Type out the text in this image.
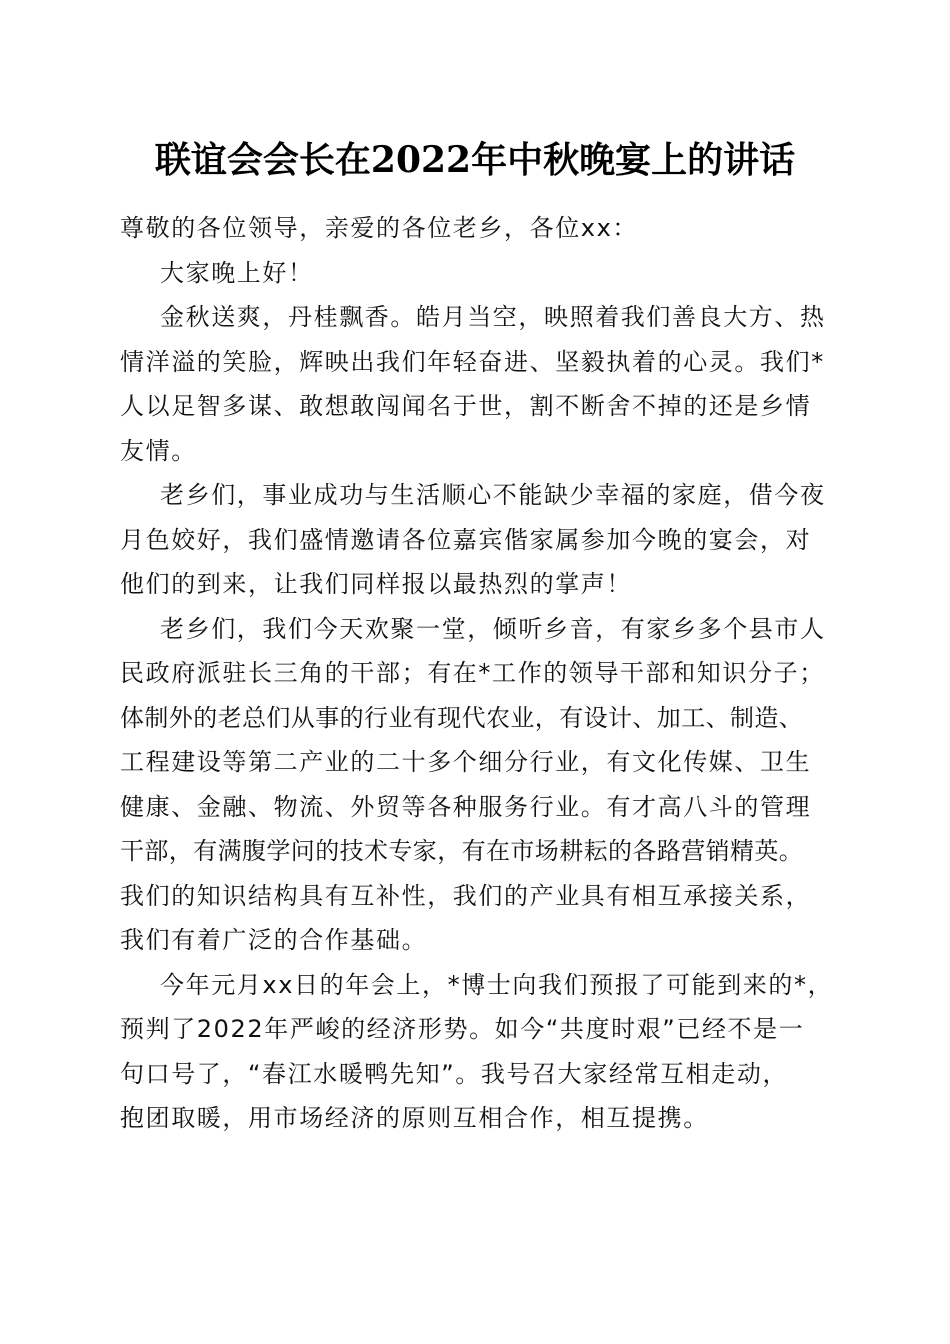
联谊会会长在2022年中秋晚宴上的讲话
尊敬的各位领导，亲爱的各位老乡，各位xx：
大家晚上好！
金秋送爽，丹桂飘香。皓月当空，映照着我们善良大方、热
情洋溢的笑脸，辉映出我们年轻奋进、坚毅执着的心灵。我们*
人以足智多谋、敢想敢闯闻名于世，割不断舍不掉的还是乡情
友情。
老乡们，事业成功与生活顺心不能缺少幸福的家庭，借今夜
月色姣好，我们盛情邀请各位嘉宾偕家属参加今晚的宴会，对
他们的到来，让我们同样报以最热烈的掌声！
老乡们，我们今天欢聚一堂，倾听乡音，有家乡多个县市人
民政府派驻长三角的干部；有在*工作的领导干部和知识分子；
体制外的老总们从事的行业有现代农业，有设计、加工、制造、
工程建设等第二产业的二十多个细分行业，有文化传媒、卫生
健康、金融、物流、外贸等各种服务行业。有才高八斗的管理
干部，有满腹学问的技术专家，有在市场耕耘的各路营销精英。
我们的知识结构具有互补性，我们的产业具有相互承接关系，
我们有着广泛的合作基础。
今年元月xx日的年会上，*博士向我们预报了可能到来的*，
预判了2022年严峻的经济形势。如今“共度时艰”已经不是一
句口号了，“春江水暖鸭先知”。我号召大家经常互相走动，
抱团取暖，用市场经济的原则互相合作，相互提携。
